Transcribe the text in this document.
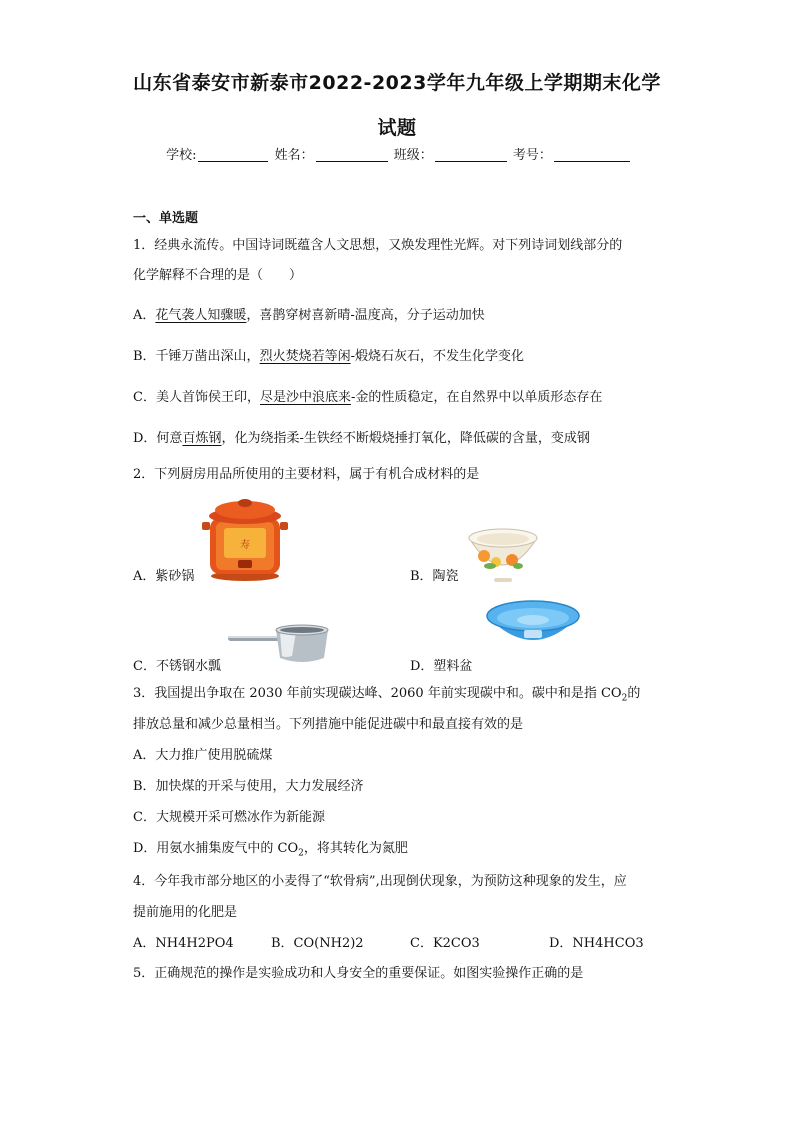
山东省泰安市新泰市2022-2023学年九年级上学期期末化学
试题
学校:	姓名：	班级：	考号：
一、单选题
1．经典永流传。中国诗词既蕴含人文思想，又焕发理性光辉。对下列诗词划线部分的
化学解释不合理的是（　　）
A．花气袭人知骤暖，喜鹊穿树喜新晴-温度高，分子运动加快
B．千锤万凿出深山，烈火焚烧若等闲-煅烧石灰石，不发生化学变化
C．美人首饰侯王印，尽是沙中浪底来-金的性质稳定，在自然界中以单质形态存在
D．何意百炼钢，化为绕指柔-生铁经不断煅烧捶打氧化，降低碳的含量，变成钢
2．下列厨房用品所使用的主要材料，属于有机合成材料的是
寿
A．紫砂锅	B．陶瓷
C．不锈钢水瓢	D．塑料盆
3．我国提出争取在 2030 年前实现碳达峰、2060 年前实现碳中和。碳中和是指 $CO_2$的
排放总量和减少总量相当。下列措施中能促进碳中和最直接有效的是
A．大力推广使用脱硫煤
B．加快煤的开采与使用，大力发展经济
C．大规模开采可燃冰作为新能源
D．用氨水捕集废气中的 $CO_2$，将其转化为氮肥
4．今年我市部分地区的小麦得了“软骨病”,出现倒伏现象，为预防这种现象的发生，应
提前施用的化肥是
A．NH4H2PO4	B．CO(NH2)2	C．K2CO3	D．NH4HCO3
5．正确规范的操作是实验成功和人身安全的重要保证。如图实验操作正确的是
